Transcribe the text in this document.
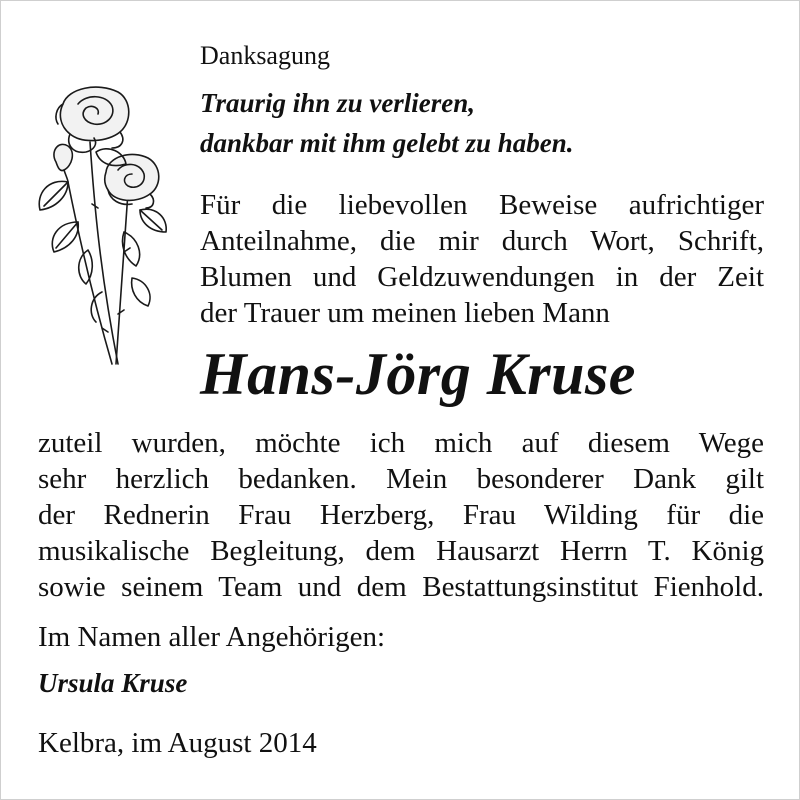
Danksagung
Traurig ihn zu verlieren,
dankbar mit ihm gelebt zu haben.
Für die liebevollen Beweise aufrichtiger
Anteilnahme, die mir durch Wort, Schrift,
Blumen und Geldzuwendungen in der Zeit
der Trauer um meinen lieben Mann
Hans-Jörg Kruse
zuteil wurden, möchte ich mich auf diesem Wege
sehr herzlich bedanken. Mein besonderer Dank gilt
der Rednerin Frau Herzberg, Frau Wilding für die
musikalische Begleitung, dem Hausarzt Herrn T. König
sowie seinem Team und dem Bestattungsinstitut Fienhold.
Im Namen aller Angehörigen:
Ursula Kruse
Kelbra, im August 2014
